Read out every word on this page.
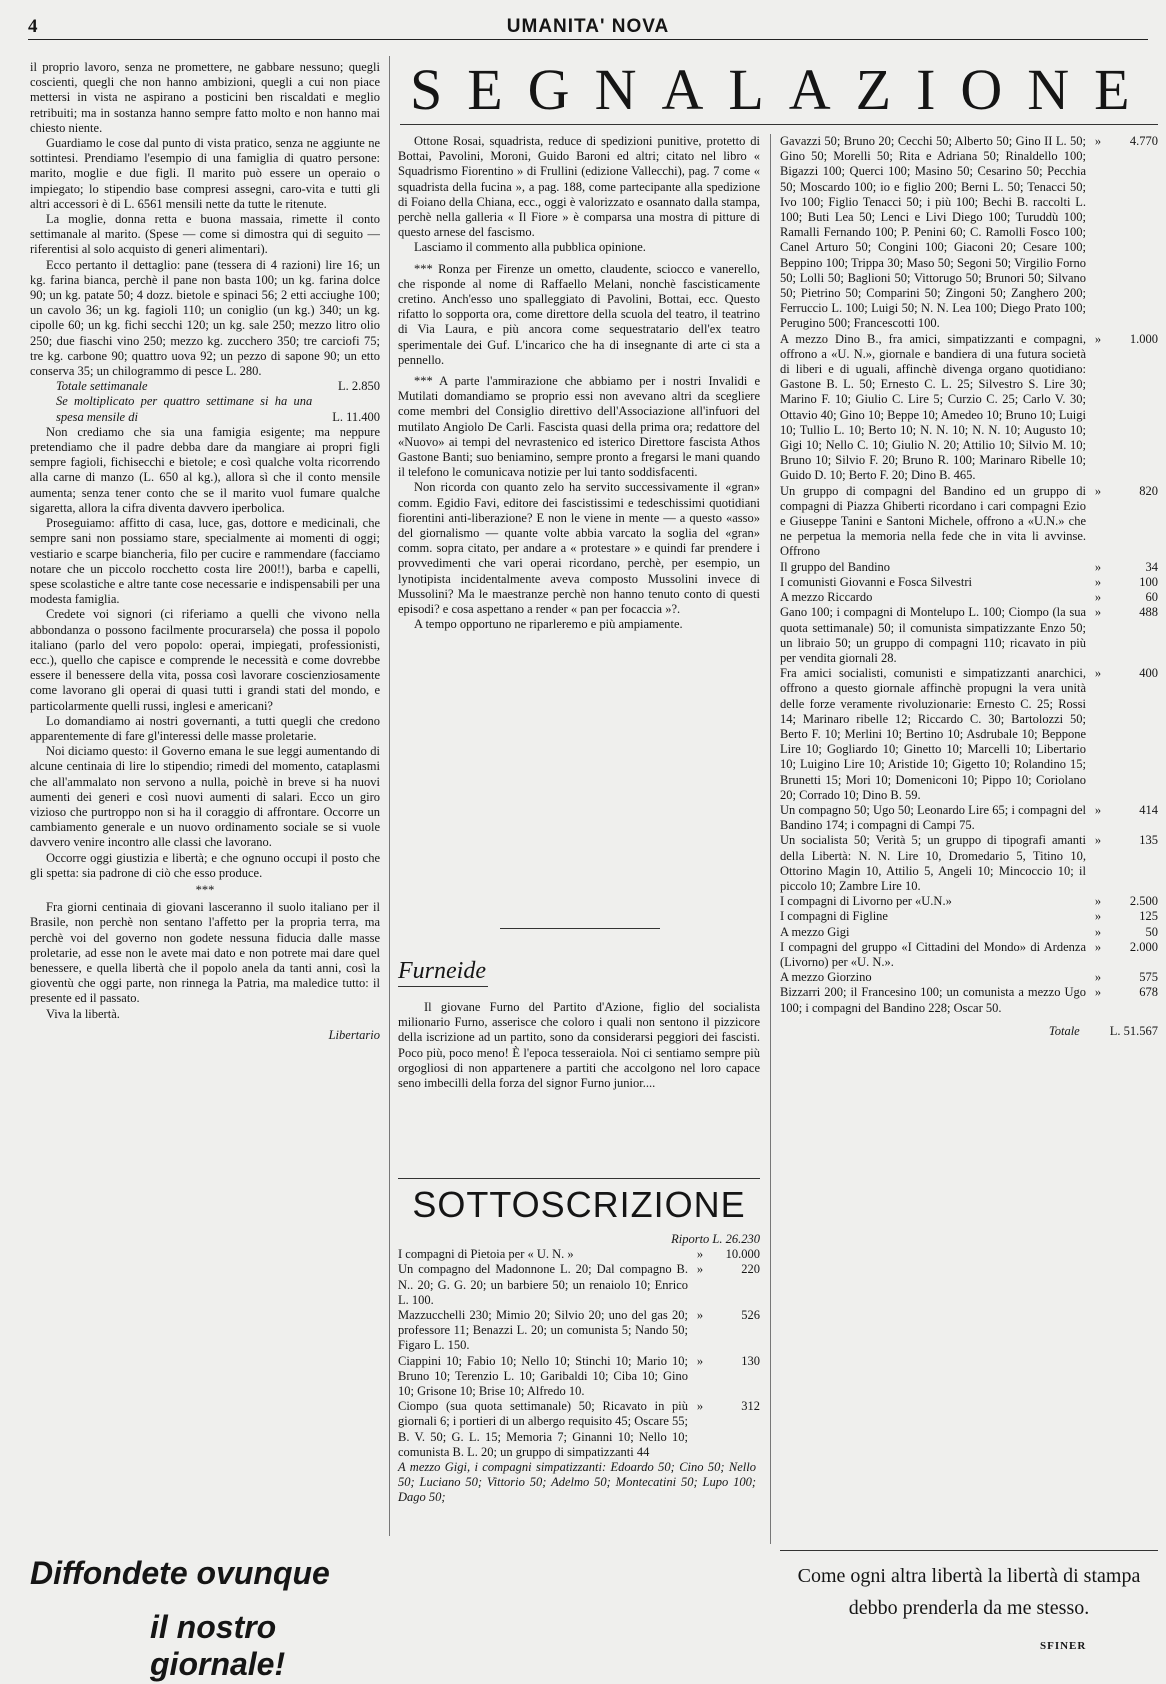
4	UMANITA' NOVA

il proprio lavoro, senza ne promettere, ne gabbare nessuno; quegli coscienti, quegli che non hanno ambizioni, quegli a cui non piace mettersi in vista ne aspirano a posticini ben riscaldati e meglio retribuiti; ma in sostanza hanno sempre fatto molto e non hanno mai chiesto niente.

Guardiamo le cose dal punto di vista pratico, senza ne aggiunte ne sottintesi. Prendiamo l'esempio di una famiglia di quatro persone: marito, moglie e due figli. Il marito può essere un operaio o impiegato; lo stipendio base compresi assegni, caro-vita e tutti gli altri accessori è di L. 6561 mensili nette da tutte le ritenute.

La moglie, donna retta e buona massaia, rimette il conto settimanale al marito. (Spese — come si dimostra qui di seguito — riferentisi al solo acquisto di generi alimentari).

Ecco pertanto il dettaglio: pane (tessera di 4 razioni) lire 16; un kg. farina bianca, perchè il pane non basta 100; un kg. farina dolce 90; un kg. patate 50; 4 dozz. bietole e spinaci 56; 2 etti acciughe 100; un cavolo 36; un kg. fagioli 110; un coniglio (un kg.) 340; un kg. cipolle 60; un kg. fichi secchi 120; un kg. sale 250; mezzo litro olio 250; due fiaschi vino 250; mezzo kg. zucchero 350; tre carciofi 75; tre kg. carbone 90; quattro uova 92; un pezzo di sapone 90; un etto conserva 35; un chilogrammo di pesce L. 280.

Totale settimanale	L. 2.850
Se moltiplicato per quattro settimane si ha una spesa mensile di	L. 11.400

Non crediamo che sia una famigia esigente; ma neppure pretendiamo che il padre debba dare da mangiare ai propri figli sempre fagioli, fichisecchi e bietole; e così qualche volta ricorrendo alla carne di manzo (L. 650 al kg.), allora sì che il conto mensile aumenta; senza tener conto che se il marito vuol fumare qualche sigaretta, allora la cifra diventa davvero iperbolica.

Proseguiamo: affitto di casa, luce, gas, dottore e medicinali, che sempre sani non possiamo stare, specialmente ai momenti di oggi; vestiario e scarpe biancheria, filo per cucire e rammendare (facciamo notare che un piccolo rocchetto costa lire 200!!), barba e capelli, spese scolastiche e altre tante cose necessarie e indispensabili per una modesta famiglia.

Credete voi signori (ci riferiamo a quelli che vivono nella abbondanza o possono facilmente procurarsela) che possa il popolo italiano (parlo del vero popolo: operai, impiegati, professionisti, ecc.), quello che capisce e comprende le necessità e come dovrebbe essere il benessere della vita, possa così lavorare coscienziosamente come lavorano gli operai di quasi tutti i grandi stati del mondo, e particolarmente quelli russi, inglesi e americani?

Lo domandiamo ai nostri governanti, a tutti quegli che credono apparentemente di fare gl'interessi delle masse proletarie.

Noi diciamo questo: il Governo emana le sue leggi aumentando di alcune centinaia di lire lo stipendio; rimedi del momento, cataplasmi che all'ammalato non servono a nulla, poichè in breve si ha nuovi aumenti dei generi e così nuovi aumenti di salari. Ecco un giro vizioso che purtroppo non si ha il coraggio di affrontare. Occorre un cambiamento generale e un nuovo ordinamento sociale se si vuole davvero venire incontro alle classi che lavorano.

Occorre oggi giustizia e libertà; e che ognuno occupi il posto che gli spetta: sia padrone di ciò che esso produce.

***

Fra giorni centinaia di giovani lasceranno il suolo italiano per il Brasile, non perchè non sentano l'affetto per la propria terra, ma perchè voi del governo non godete nessuna fiducia dalle masse proletarie, ad esse non le avete mai dato e non potrete mai dare quel benessere, e quella libertà che il popolo anela da tanti anni, così la gioventù che oggi parte, non rinnega la Patria, ma maledice tutto: il presente ed il passato.

Viva la libertà.

Libertario
SEGNALAZIONE

Ottone Rosai, squadrista, reduce di spedizioni punitive, protetto di Bottai, Pavolini, Moroni, Guido Baroni ed altri; citato nel libro « Squadrismo Fiorentino » di Frullini (edizione Vallecchi), pag. 7 come « squadrista della fucina », a pag. 188, come partecipante alla spedizione di Foiano della Chiana, ecc., oggi è valorizzato e osannato dalla stampa, perchè nella galleria « Il Fiore » è comparsa una mostra di pitture di questo arnese del fascismo.

Lasciamo il commento alla pubblica opinione.

*** Ronza per Firenze un ometto, claudente, sciocco e vanerello, che risponde al nome di Raffaello Melani, nonchè fascisticamente cretino. Anch'esso uno spalleggiato di Pavolini, Bottai, ecc. Questo rifatto lo sopporta ora, come direttore della scuola del teatro, il teatrino di Via Laura, e più ancora come sequestratario dell'ex teatro sperimentale dei Guf. L'incarico che ha di insegnante di arte ci sta a pennello.

*** A parte l'ammirazione che abbiamo per i nostri Invalidi e Mutilati domandiamo se proprio essi non avevano altri da scegliere come membri del Consiglio direttivo dell'Associazione all'infuori del mutilato Angiolo De Carli. Fascista quasi della prima ora; redattore del «Nuovo» ai tempi del nevrastenico ed isterico Direttore fascista Athos Gastone Banti; suo beniamino, sempre pronto a fregarsi le mani quando il telefono le comunicava notizie per lui tanto soddisfacenti.

Non ricorda con quanto zelo ha servito successivamente il «gran» comm. Egidio Favi, editore dei fascistissimi e tedeschissimi quotidiani fiorentini anti-liberazione? E non le viene in mente — a questo «asso» del giornalismo — quante volte abbia varcato la soglia del «gran» comm. sopra citato, per andare a « protestare » e quindi far prendere i provvedimenti che vari operai ricordano, perchè, per esempio, un lynotipista incidentalmente aveva composto Mussolini invece di Mussolini? Ma le maestranze perchè non hanno tenuto conto di questi episodi? e cosa aspettano a render « pan per focaccia »?.

A tempo opportuno ne riparleremo e più ampiamente.

Furneide

Il giovane Furno del Partito d'Azione, figlio del socialista milionario Furno, asserisce che coloro i quali non sentono il pizzicore della iscrizione ad un partito, sono da considerarsi peggiori dei fascisti. Poco più, poco meno! È l'epoca tesseraiola. Noi ci sentiamo sempre più orgogliosi di non appartenere a partiti che accolgono nel loro capace seno imbecilli della forza del signor Furno junior....

SOTTOSCRIZIONE
Riporto L. 26.230
I compagni di Pietoia per « U. N. »	»	10.000
Un compagno del Madonnone L. 20; Dal compagno B. N.. 20; G. G. 20; un barbiere 50; un renaiolo 10; Enrico L. 100.
»	220
Mazzucchelli 230; Mimio 20; Silvio 20; uno del gas 20; professore 11; Benazzi L. 20; un comunista 5; Nando 50; Figaro L. 150.
»	526
Ciappini 10; Fabio 10; Nello 10; Stinchi 10; Mario 10; Bruno 10; Terenzio L. 10; Garibaldi 10; Ciba 10; Gino 10; Grisone 10; Brise 10; Alfredo 10.
»	130
Ciompo (sua quota settimanale) 50; Ricavato in più giornali 6; i portieri di un albergo requisito 45; Oscare 55; B. V. 50; G. L. 15; Memoria 7; Ginanni 10; Nello 10; comunista B. L. 20; un gruppo di simpatizzanti 44
»	312
A mezzo Gigi, i compagni simpatizzanti: Edoardo 50; Cino 50; Nello 50; Luciano 50; Vittorio 50; Adelmo 50; Montecatini 50; Lupo 100; Dago 50;
Gavazzi 50; Bruno 20; Cecchi 50; Alberto 50; Gino II L. 50; Gino 50; Morelli 50; Rita e Adriana 50; Rinaldello 100; Bigazzi 100; Querci 100; Masino 50; Cesarino 50; Pecchia 50; Moscardo 100; io e figlio 200; Berni L. 50; Tenacci 50; Ivo 100; Figlio Tenacci 50; i più 100; Bechi B. raccolti L. 100; Buti Lea 50; Lenci e Livi Diego 100; Turuddù 100; Ramalli Fernando 100; P. Penini 60; C. Ramolli Fosco 100; Canel Arturo 50; Congini 100; Giaconi 20; Cesare 100; Beppino 100; Trippa 30; Maso 50; Segoni 50; Virgilio Forno 50; Lolli 50; Baglioni 50; Vittorugo 50; Brunori 50; Silvano 50; Pietrino 50; Comparini 50; Zingoni 50; Zanghero 200; Ferruccio L. 100; Luigi 50; N. N. Lea 100; Diego Prato 100; Perugino 500; Francescotti 100.
»	4.770
A mezzo Dino B., fra amici, simpatizzanti e compagni, offrono a «U. N.», giornale e bandiera di una futura società di liberi e di uguali, affinchè divenga organo quotidiano: Gastone B. L. 50; Ernesto C. L. 25; Silvestro S. Lire 30; Marino F. 10; Giulio C. Lire 5; Curzio C. 25; Carlo V. 30; Ottavio 40; Gino 10; Beppe 10; Amedeo 10; Bruno 10; Luigi 10; Tullio L. 10; Berto 10; N. N. 10; N. N. 10; Augusto 10; Gigi 10; Nello C. 10; Giulio N. 20; Attilio 10; Silvio M. 10; Bruno 10; Silvio F. 20; Bruno R. 100; Marinaro Ribelle 10; Guido D. 10; Berto F. 20; Dino B. 465.
»	1.000
Un gruppo di compagni del Bandino ed un gruppo di compagni di Piazza Ghiberti ricordano i cari compagni Ezio e Giuseppe Tanini e Santoni Michele, offrono a «U.N.» che ne perpetua la memoria nella fede che in vita li avvinse. Offrono
»	820
Il gruppo del Bandino	»	34
I comunisti Giovanni e Fosca Silvestri	»	100
A mezzo Riccardo	»	60
Gano 100; i compagni di Montelupo L. 100; Ciompo (la sua quota settimanale) 50; il comunista simpatizzante Enzo 50; un libraio 50; un gruppo di compagni 110; ricavato in più per vendita giornali 28.
»	488
Fra amici socialisti, comunisti e simpatizzanti anarchici, offrono a questo giornale affinchè propugni la vera unità delle forze veramente rivoluzionarie: Ernesto C. 25; Rossi 14; Marinaro ribelle 12; Riccardo C. 30; Bartolozzi 50; Berto F. 10; Merlini 10; Bertino 10; Asdrubale 10; Beppone Lire 10; Gogliardo 10; Ginetto 10; Marcelli 10; Libertario 10; Luigino Lire 10; Aristide 10; Gigetto 10; Rolandino 15; Brunetti 15; Mori 10; Domeniconi 10; Pippo 10; Coriolano 20; Corrado 10; Dino B. 59.
»	400
Un compagno 50; Ugo 50; Leonardo Lire 65; i compagni del Bandino 174; i compagni di Campi 75.
»	414
Un socialista 50; Verità 5; un gruppo di tipografi amanti della Libertà: N. N. Lire 10, Dromedario 5, Titino 10, Ottorino Magin 10, Attilio 5, Angeli 10; Mincoccio 10; il piccolo 10; Zambre Lire 10.
»	135
I compagni di Livorno per «U.N.»	»	2.500
I compagni di Figline	»	125
A mezzo Gigi	»	50
I compagni del gruppo «I Cittadini del Mondo» di Ardenza (Livorno) per «U. N.».
»	2.000
A mezzo Giorzino	»	575
Bizzarri 200; il Francesino 100; un comunista a mezzo Ugo 100; i compagni del Bandino 228; Oscar 50.
»	678
Totale	L. 51.567
Diffondete ovunque
il nostro giornale!
Come ogni altra libertà la libertà di stampa debbo prenderla da me stesso.
SFINER
